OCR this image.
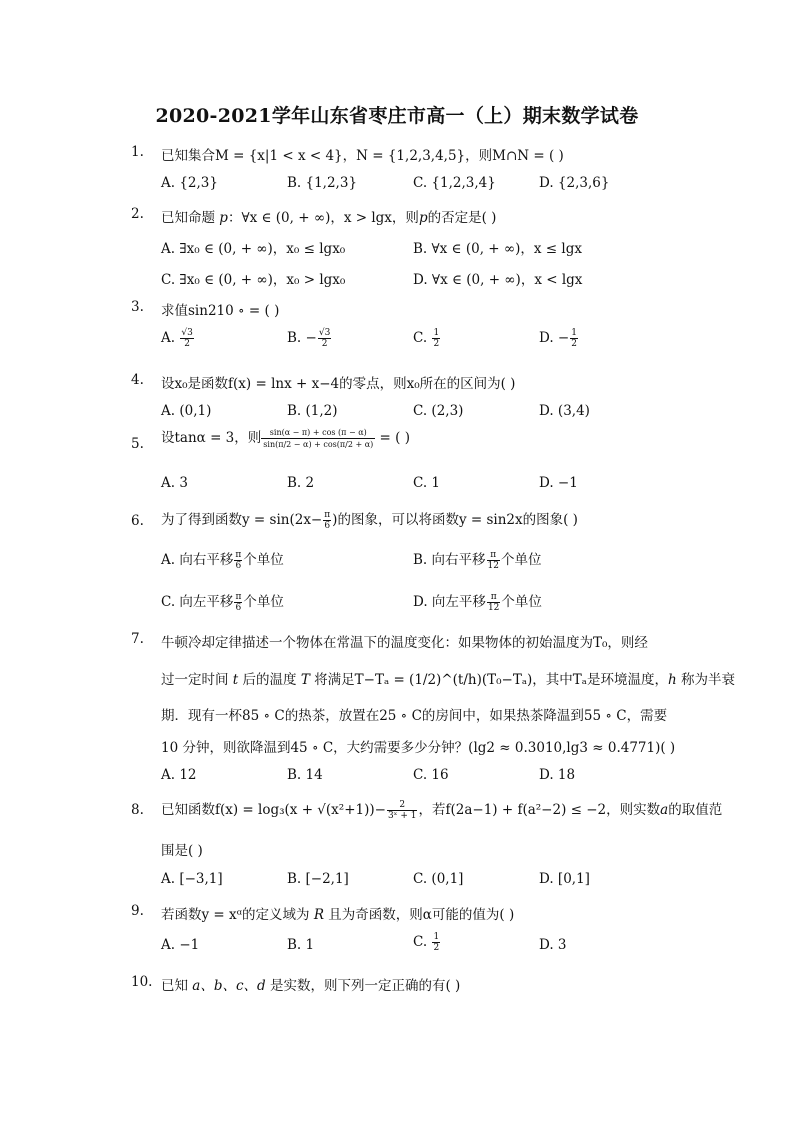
2020-2021学年山东省枣庄市高一（上）期末数学试卷
1.	已知集合M = {x|1 < x < 4}，N = {1,2,3,4,5}，则M∩N = ( )
A. {2,3}	B. {1,2,3}	C. {1,2,3,4}	D. {2,3,6}
2.	已知命题 p：∀x ∈ (0, + ∞)，x > lgx，则p的否定是( )
A. ∃x₀ ∈ (0, + ∞)，x₀ ≤ lgx₀	B. ∀x ∈ (0, + ∞)，x ≤ lgx
C. ∃x₀ ∈ (0, + ∞)，x₀ > lgx₀	D. ∀x ∈ (0, + ∞)，x < lgx
3.	求值sin210 ∘ = ( )
A. $\frac{√3}{2}$	B. − $\frac{√3}{2}$	C. $\frac{1}{2}$	D. − $\frac{1}{2}$
4.	设x₀是函数f(x) = lnx + x−4的零点，则x₀所在的区间为( )
A. (0,1)	B. (1,2)	C. (2,3)	D. (3,4)
5.	设tanα = 3，则 $\frac{\sin(\alpha - \pi) + \cos (\pi - \alpha)}{\sin(\pi/2 - \alpha) + \cos(\pi/2 + \alpha)}$ = ( )
A. 3	B. 2	C. 1	D. −1
6.	为了得到函数$y = \sin(2x- \frac{\pi}{6}$ )的图象，可以将函数y = sin2x的图象( )
A. 向右平移 $\frac{\pi}{6}$ 个单位	B. 向右平移 $\frac{\pi}{12}$ 个单位
C. 向左平移 $\frac{\pi}{6}$ 个单位	D. 向左平移 $\frac{\pi}{12}$ 个单位
7.	牛顿冷却定律描述一个物体在常温下的温度变化：如果物体的初始温度为T₀，则经
过一定时间 t 后的温度 T 将满足T−Tₐ = (1/2)^(t/h)(T₀−Tₐ)，其中Tₐ是环境温度，h 称为半衰
期．现有一杯85 ∘ C的热茶，放置在25 ∘ C的房间中，如果热茶降温到55 ∘ C，需要
10 分钟，则欲降温到45 ∘ C，大约需要多少分钟？(lg2 ≈ 0.3010,lg3 ≈ 0.4771)( )
A. 12	B. 14	C. 16	D. 18
8.	已知函数$f(x) = \log_3(x + √(x^2+1))- \frac{2}{\text{3ˣ + 1}}$ ，若f(2a−1) + f(a²−2) ≤ −2，则实数a的取值范
围是( )
A. [−3,1]	B. [−2,1]	C. (0,1]	D. [0,1]
9.	若函数y = xᵅ的定义域为 R 且为奇函数，则α可能的值为( )
A. −1	B. 1	C. $\frac{1}{2}$	D. 3
10. 已知 a、b、c、d 是实数，则下列一定正确的有( )
